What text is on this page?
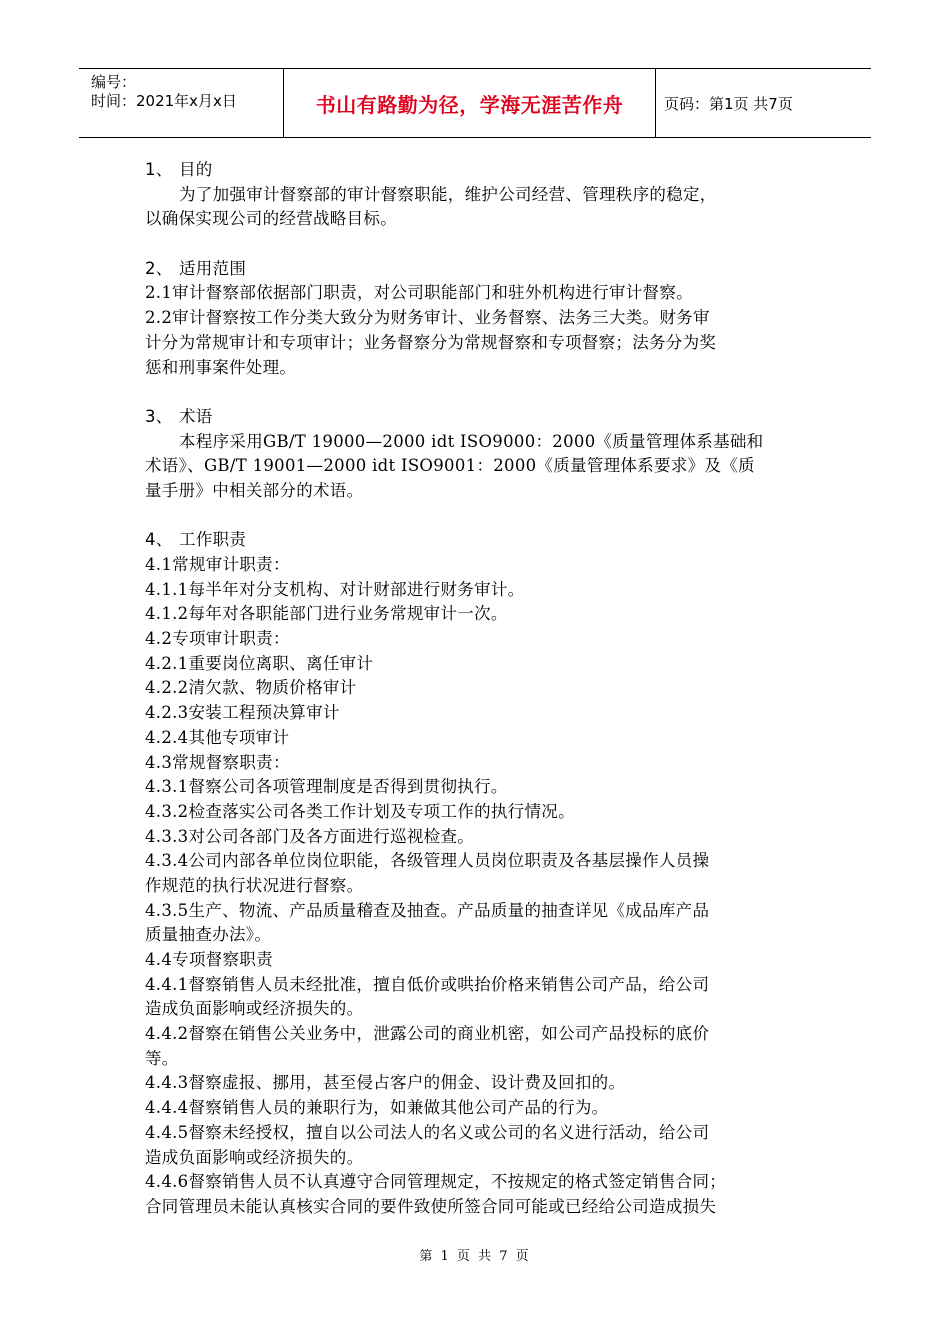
编号：
时间：2021年x月x日	书山有路勤为径，学海无涯苦作舟	页码：第1页 共7页
1、 目的
为了加强审计督察部的审计督察职能，维护公司经营、管理秩序的稳定，
以确保实现公司的经营战略目标。
2、 适用范围
2.1审计督察部依据部门职责，对公司职能部门和驻外机构进行审计督察。
2.2审计督察按工作分类大致分为财务审计、业务督察、法务三大类。财务审
计分为常规审计和专项审计；业务督察分为常规督察和专项督察；法务分为奖
惩和刑事案件处理。
3、 术语
本程序采用GB/T 19000—2000 idt ISO9000：2000《质量管理体系基础和
术语》、GB/T 19001—2000 idt ISO9001：2000《质量管理体系要求》及《质
量手册》中相关部分的术语。
4、 工作职责
4.1常规审计职责：
4.1.1每半年对分支机构、对计财部进行财务审计。
4.1.2每年对各职能部门进行业务常规审计一次。
4.2专项审计职责：
4.2.1重要岗位离职、离任审计
4.2.2清欠款、物质价格审计
4.2.3安装工程预决算审计
4.2.4其他专项审计
4.3常规督察职责：
4.3.1督察公司各项管理制度是否得到贯彻执行。
4.3.2检查落实公司各类工作计划及专项工作的执行情况。
4.3.3对公司各部门及各方面进行巡视检查。
4.3.4公司内部各单位岗位职能，各级管理人员岗位职责及各基层操作人员操
作规范的执行状况进行督察。
4.3.5生产、物流、产品质量稽查及抽查。产品质量的抽查详见《成品库产品
质量抽查办法》。
4.4专项督察职责
4.4.1督察销售人员未经批准，擅自低价或哄抬价格来销售公司产品，给公司
造成负面影响或经济损失的。
4.4.2督察在销售公关业务中，泄露公司的商业机密，如公司产品投标的底价
等。
4.4.3督察虚报、挪用，甚至侵占客户的佣金、设计费及回扣的。
4.4.4督察销售人员的兼职行为，如兼做其他公司产品的行为。
4.4.5督察未经授权，擅自以公司法人的名义或公司的名义进行活动，给公司
造成负面影响或经济损失的。
4.4.6督察销售人员不认真遵守合同管理规定，不按规定的格式签定销售合同；
合同管理员未能认真核实合同的要件致使所签合同可能或已经给公司造成损失
第 1 页 共 7 页
